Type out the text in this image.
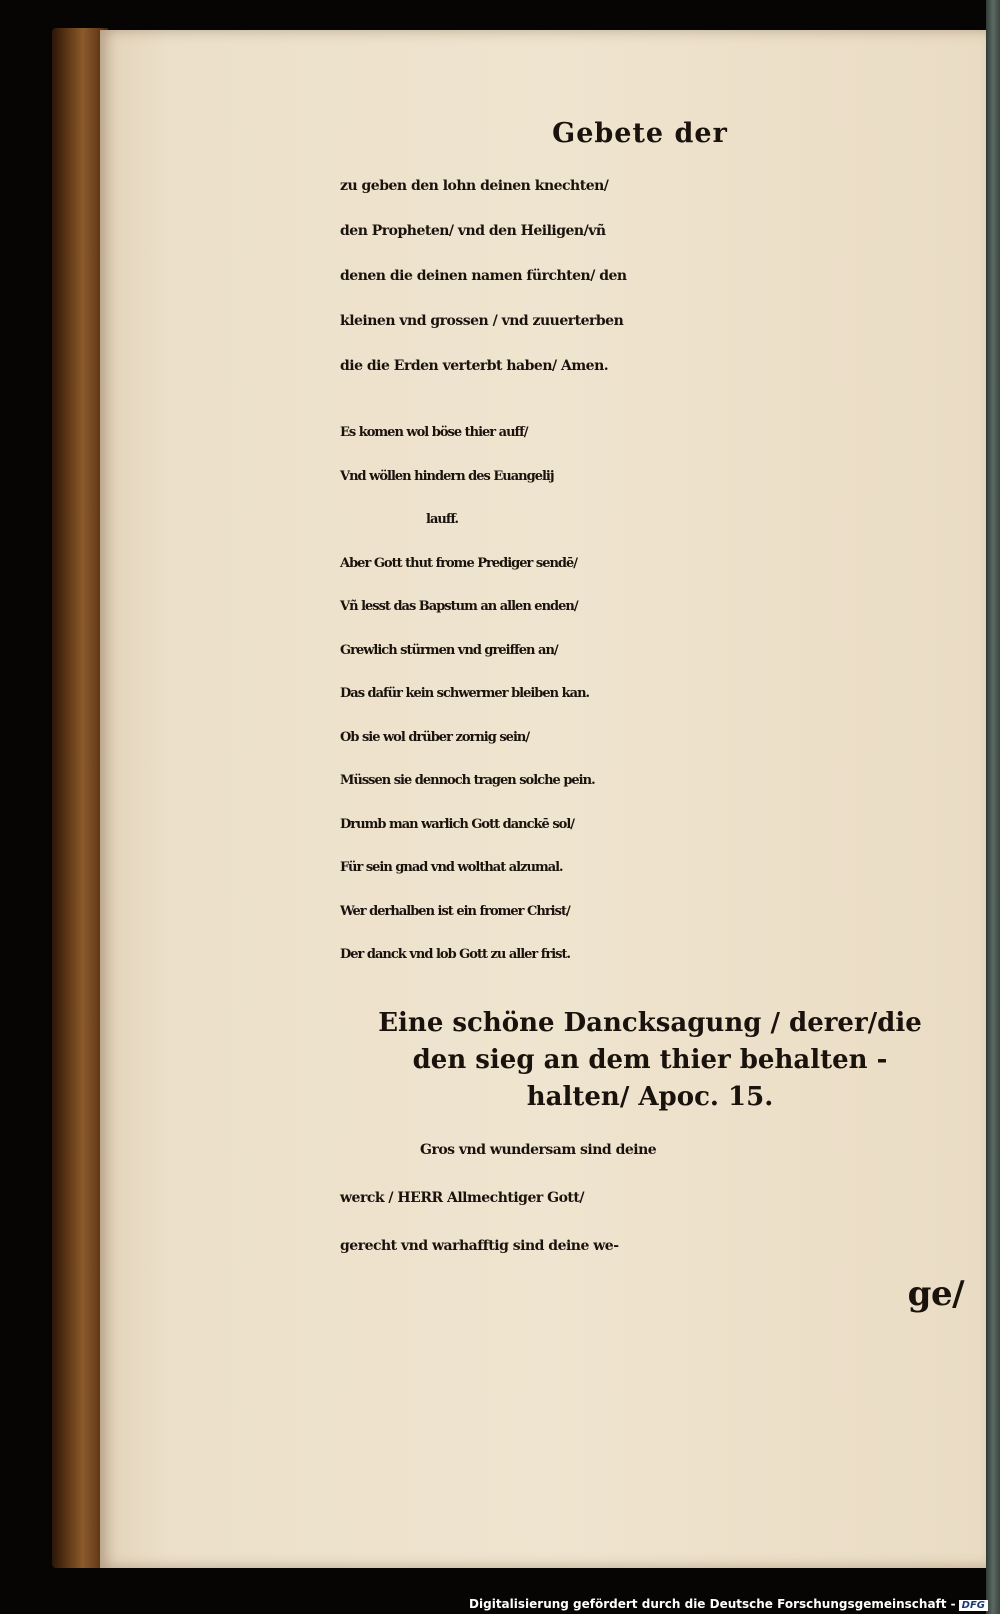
Gebete der
zu geben den lohn deinen knechten/
den Propheten/ vnd den Heiligen/vñ
denen die deinen namen fürchten/ den
kleinen vnd grossen / vnd zuuerterben
die die Erden verterbt haben/ Amen.
Es komen wol böse thier auff/
Vnd wöllen hindern des Euangelij
lauff.
Aber Gott thut frome Prediger sendē/
Vñ lesst das Bapstum an allen enden/
Grewlich stürmen vnd greiffen an/
Das dafür kein schwermer bleiben kan.
Ob sie wol drüber zornig sein/
Müssen sie dennoch tragen solche pein.
Drumb man warlich Gott danckē sol/
Für sein gnad vnd wolthat alzumal.
Wer derhalben ist ein fromer Christ/
Der danck vnd lob Gott zu aller frist.
Eine schöne Dancksagung / derer/die
den sieg an dem thier behalten -
halten/ Apoc. 15.
Gros vnd wundersam sind deine
werck / HERR Allmechtiger Gott/
gerecht vnd warhafftig sind deine we-
ge/
Digitalisierung gefördert durch die Deutsche Forschungsgemeinschaft - DFG
